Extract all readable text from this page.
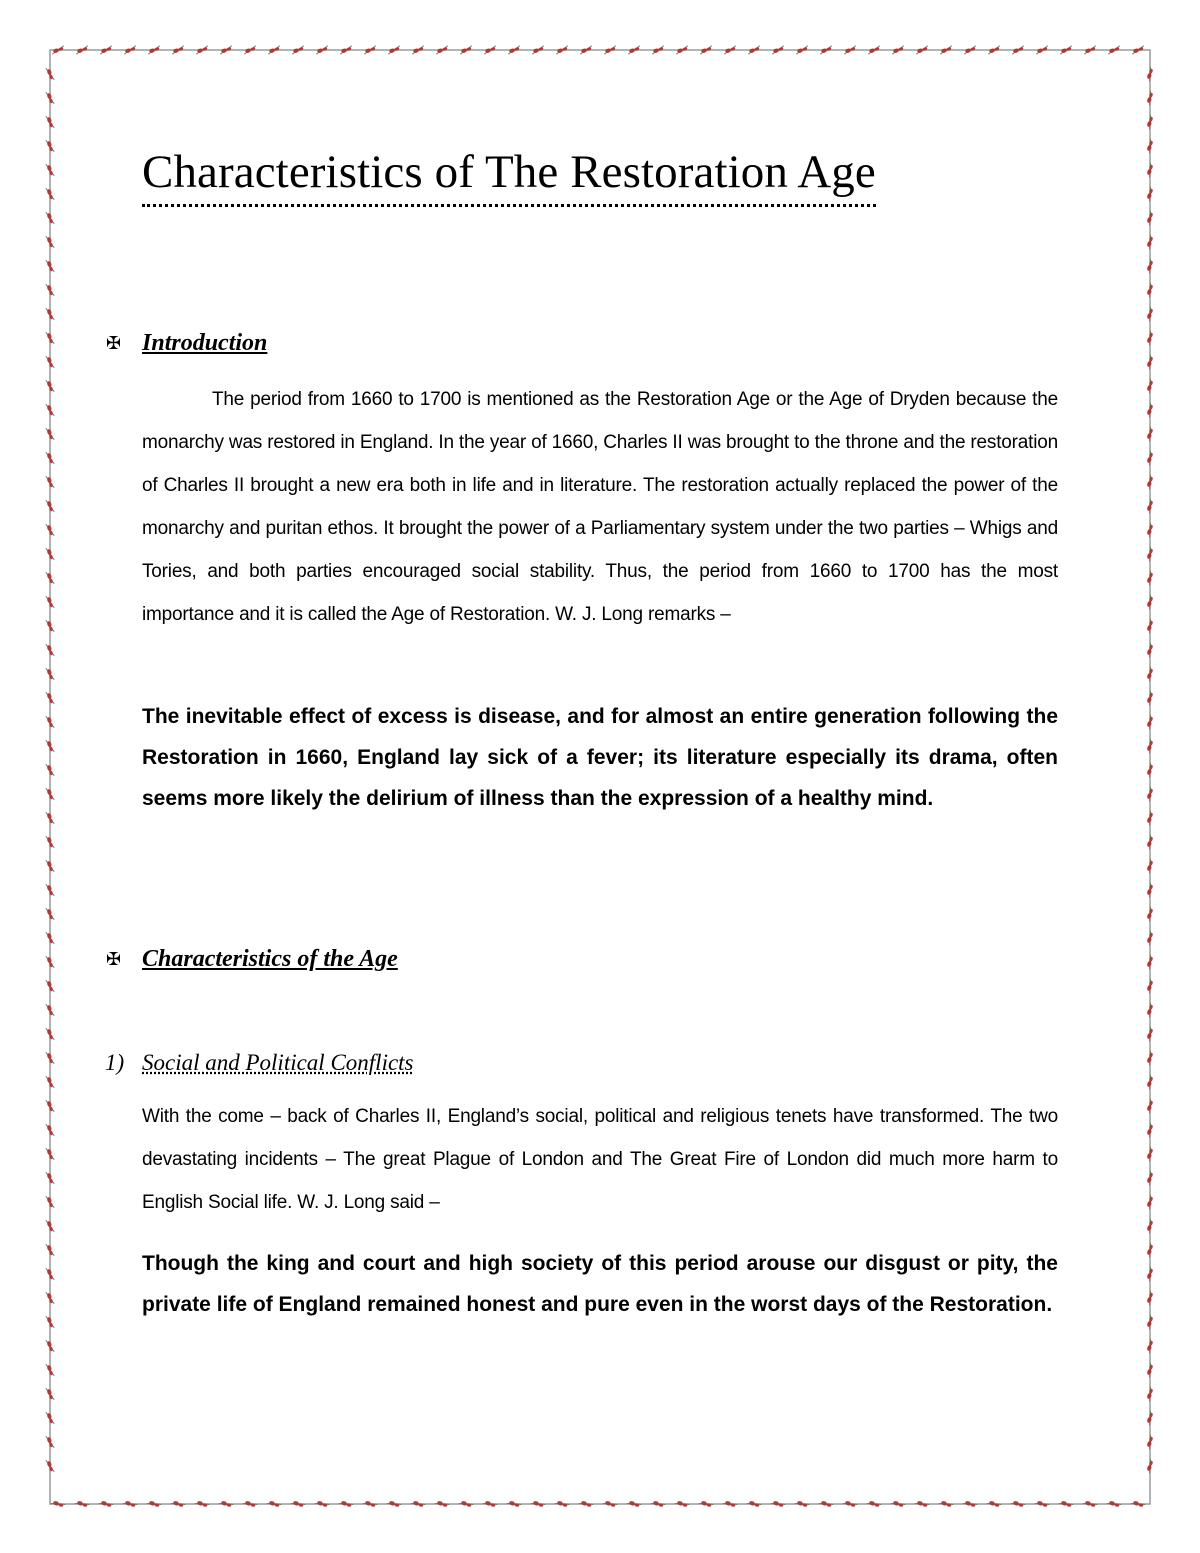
Characteristics of The Restoration Age
✠ Introduction

The period from 1660 to 1700 is mentioned as the Restoration Age or the Age of Dryden because the monarchy was restored in England. In the year of 1660, Charles II was brought to the throne and the restoration of Charles II brought a new era both in life and in literature. The restoration actually replaced the power of the monarchy and puritan ethos. It brought the power of a Parliamentary system under the two parties – Whigs and Tories, and both parties encouraged social stability. Thus, the period from 1660 to 1700 has the most importance and it is called the Age of Restoration. W. J. Long remarks –

The inevitable effect of excess is disease, and for almost an entire generation following the Restoration in 1660, England lay sick of a fever; its literature especially its drama, often seems more likely the delirium of illness than the expression of a healthy mind.

✠ Characteristics of the Age
1) Social and Political Conflicts

With the come – back of Charles II, England’s social, political and religious tenets have transformed. The two devastating incidents – The great Plague of London and The Great Fire of London did much more harm to English Social life. W. J. Long said –

Though the king and court and high society of this period arouse our disgust or pity, the private life of England remained honest and pure even in the worst days of the Restoration.
